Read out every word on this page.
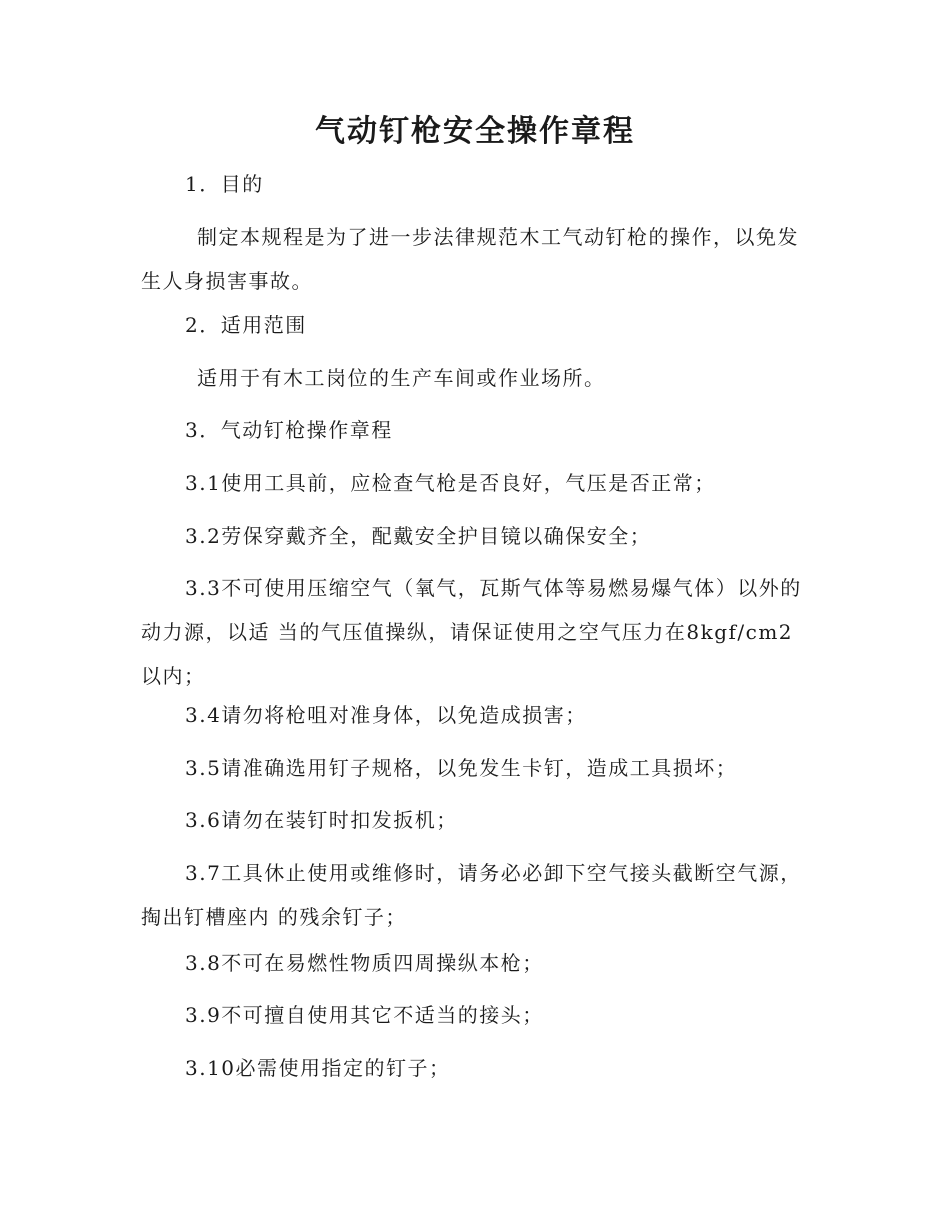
气动钉枪安全操作章程
1．目的
制定本规程是为了进一步法律规范木工气动钉枪的操作，以免发
生人身损害事故。
2．适用范围
适用于有木工岗位的生产车间或作业场所。
3．气动钉枪操作章程
3.1使用工具前，应检查气枪是否良好，气压是否正常；
3.2劳保穿戴齐全，配戴安全护目镜以确保安全；
3.3不可使用压缩空气（氧气，瓦斯气体等易燃易爆气体）以外的
动力源，以适 当的气压值操纵，请保证使用之空气压力在8kgf/cm2
以内；
3.4请勿将枪咀对准身体，以免造成损害；
3.5请准确选用钉子规格，以免发生卡钉，造成工具损坏；
3.6请勿在装钉时扣发扳机；
3.7工具休止使用或维修时，请务必必卸下空气接头截断空气源，
掏出钉槽座内 的残余钉子；
3.8不可在易燃性物质四周操纵本枪；
3.9不可擅自使用其它不适当的接头；
3.10必需使用指定的钉子；
